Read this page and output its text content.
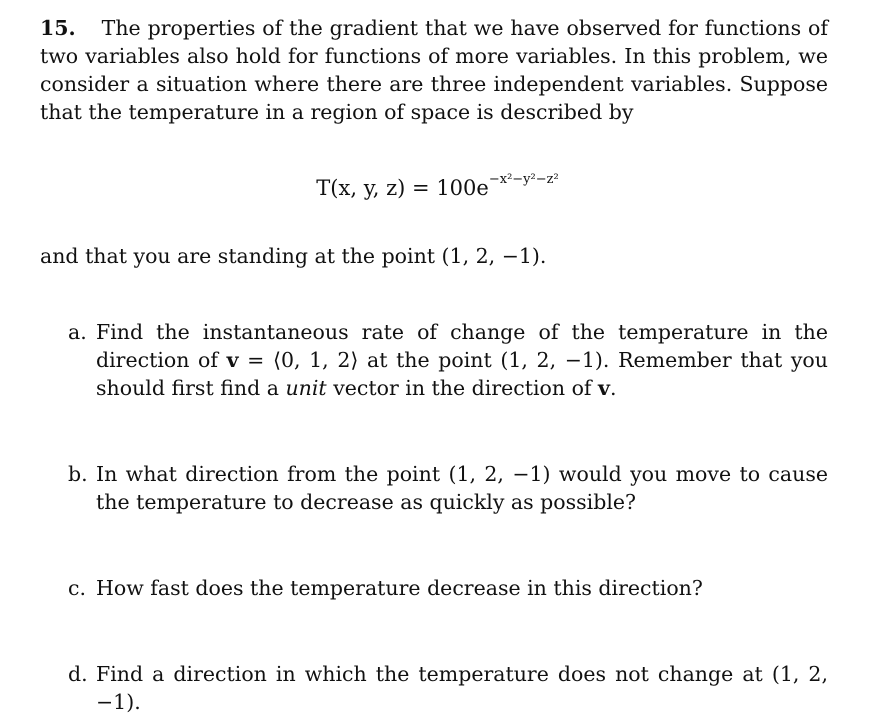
15. The properties of the gradient that we have observed for functions of two variables also hold for functions of more variables. In this problem, we consider a situation where there are three independent variables. Suppose that the temperature in a region of space is described by
T(x, y, $z) = 100e^{-x^2-y^2-z^2}$
and that you are standing at the point (1, 2, −1).
a. Find the instantaneous rate of change of the temperature in the direction of v = ⟨0, 1, 2⟩ at the point (1, 2, −1). Remember that you should first find a unit vector in the direction of v.
b. In what direction from the point (1, 2, −1) would you move to cause the temperature to decrease as quickly as possible?
c. How fast does the temperature decrease in this direction?
d. Find a direction in which the temperature does not change at (1, 2, −1).
